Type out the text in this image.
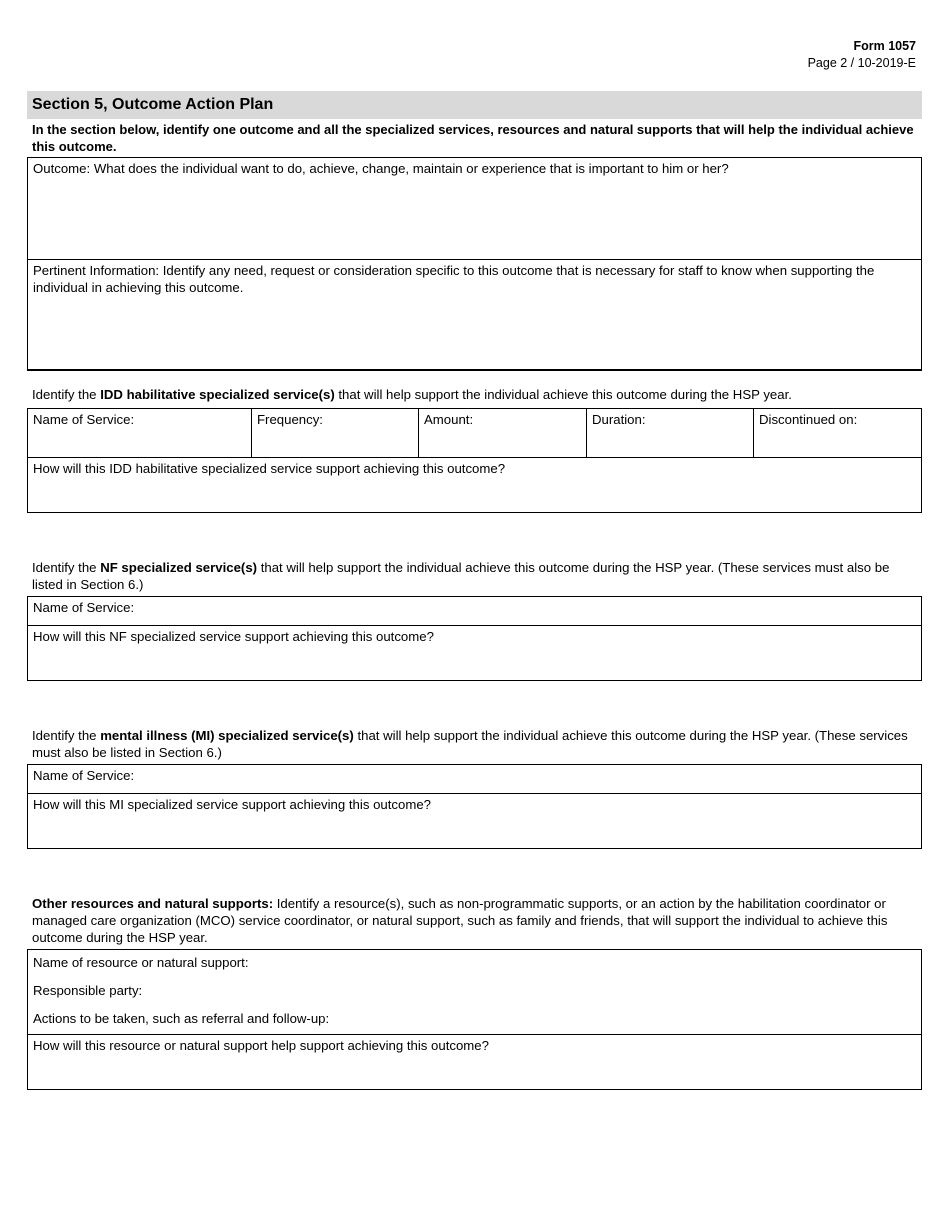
Form 1057
Page 2 / 10-2019-E
Section 5, Outcome Action Plan
In the section below, identify one outcome and all the specialized services, resources and natural supports that will help the individual achieve this outcome.
Outcome: What does the individual want to do, achieve, change, maintain or experience that is important to him or her?
Pertinent Information: Identify any need, request or consideration specific to this outcome that is necessary for staff to know when supporting the individual in achieving this outcome.
Identify the IDD habilitative specialized service(s) that will help support the individual achieve this outcome during the HSP year.
Name of Service:	Frequency:	Amount:	Duration:	Discontinued on:
How will this IDD habilitative specialized service support achieving this outcome?
Identify the NF specialized service(s) that will help support the individual achieve this outcome during the HSP year. (These services must also be listed in Section 6.)
Name of Service:
How will this NF specialized service support achieving this outcome?
Identify the mental illness (MI) specialized service(s) that will help support the individual achieve this outcome during the HSP year. (These services must also be listed in Section 6.)
Name of Service:
How will this MI specialized service support achieving this outcome?
Other resources and natural supports: Identify a resource(s), such as non-programmatic supports, or an action by the habilitation coordinator or managed care organization (MCO) service coordinator, or natural support, such as family and friends, that will support the individual to achieve this outcome during the HSP year.
Name of resource or natural support:
Responsible party:
Actions to be taken, such as referral and follow-up:
How will this resource or natural support help support achieving this outcome?
